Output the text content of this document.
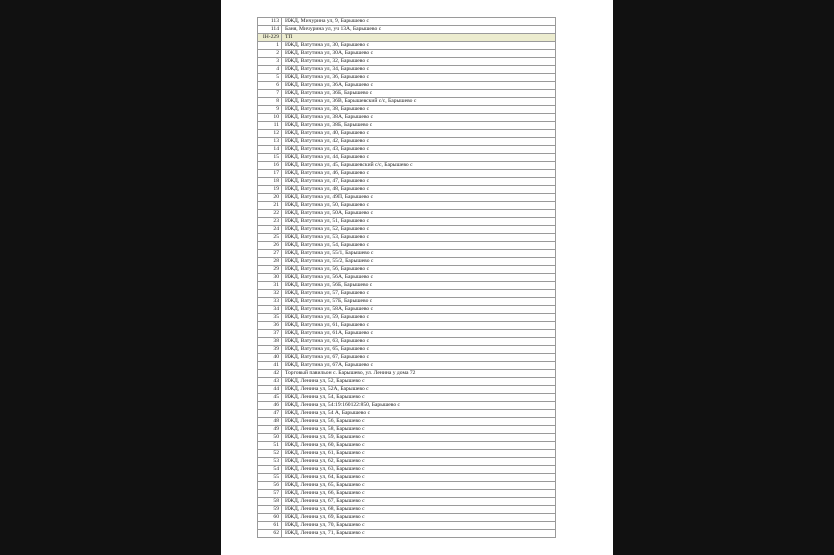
113	ИЖД, Мичурина ул, 9, Барышево с
114	Баня, Мичурина ул, уч 13А, Барышево с
IH-229	ТП
1	ИЖД, Ватутина ул, 30, Барышево с
2	ИЖД, Ватутина ул, 30А, Барышево с
3	ИЖД, Ватутина ул, 32, Барышево с
4	ИЖД, Ватутина ул, 34, Барышево с
5	ИЖД, Ватутина ул, 36, Барышево с
6	ИЖД, Ватутина ул, 36А, Барышево с
7	ИЖД, Ватутина ул, 36Б, Барышево с
8	ИЖД, Ватутина ул, 36В, Барышевский с/с, Барышево с
9	ИЖД, Ватутина ул, 38, Барышево с
10	ИЖД, Ватутина ул, 38А, Барышево с
11	ИЖД, Ватутина ул, 38Б, Барышево с
12	ИЖД, Ватутина ул, 40, Барышево с
13	ИЖД, Ватутина ул, 42, Барышево с
14	ИЖД, Ватутина ул, 43, Барышево с
15	ИЖД, Ватутина ул, 44, Барышево с
16	ИЖД, Ватутина ул, 45, Барышевский с/с, Барышево с
17	ИЖД, Ватутина ул, 46, Барышево с
18	ИЖД, Ватутина ул, 47, Барышево с
19	ИЖД, Ватутина ул, 48, Барышево с
20	ИЖД, Ватутина ул, 49П, Барышево с
21	ИЖД, Ватутина ул, 50, Барышево с
22	ИЖД, Ватутина ул, 50А, Барышево с
23	ИЖД, Ватутина ул, 51, Барышево с
24	ИЖД, Ватутина ул, 52, Барышево с
25	ИЖД, Ватутина ул, 53, Барышево с
26	ИЖД, Ватутина ул, 54, Барышево с
27	ИЖД, Ватутина ул, 55/1, Барышево с
28	ИЖД, Ватутина ул, 55/2, Барышево с
29	ИЖД, Ватутина ул, 56, Барышево с
30	ИЖД, Ватутина ул, 56А, Барышево с
31	ИЖД, Ватутина ул, 56Б, Барышево с
32	ИЖД, Ватутина ул, 57, Барышево с
33	ИЖД, Ватутина ул, 57Б, Барышево с
34	ИЖД, Ватутина ул, 58А, Барышево с
35	ИЖД, Ватутина ул, 59, Барышево с
36	ИЖД, Ватутина ул, 61, Барышево с
37	ИЖД, Ватутина ул, 61А, Барышево с
38	ИЖД, Ватутина ул, 63, Барышево с
39	ИЖД, Ватутина ул, 65, Барышево с
40	ИЖД, Ватутина ул, 67, Барышево с
41	ИЖД, Ватутина ул, 67А, Барышево с
42	Торговый павильон с. Барышево, ул. Ленина у дома 72
43	ИЖД, Ленина ул, 52, Барышево с
44	ИЖД, Ленина ул, 52А, Барышево с
45	ИЖД, Ленина ул, 54, Барышево с
46	ИЖД, Ленина ул, 54:19:160122:850, Барышево с
47	ИЖД, Ленина ул, 54 А, Барышево с
48	ИЖД, Ленина ул, 56, Барышево с
49	ИЖД, Ленина ул, 58, Барышево с
50	ИЖД, Ленина ул, 59, Барышево с
51	ИЖД, Ленина ул, 60, Барышево с
52	ИЖД, Ленина ул, 61, Барышево с
53	ИЖД, Ленина ул, 62, Барышево с
54	ИЖД, Ленина ул, 63, Барышево с
55	ИЖД, Ленина ул, 64, Барышево с
56	ИЖД, Ленина ул, 65, Барышево с
57	ИЖД, Ленина ул, 66, Барышево с
58	ИЖД, Ленина ул, 67, Барышево с
59	ИЖД, Ленина ул, 68, Барышево с
60	ИЖД, Ленина ул, 69, Барышево с
61	ИЖД, Ленина ул, 70, Барышево с
62	ИЖД, Ленина ул, 71, Барышево с
